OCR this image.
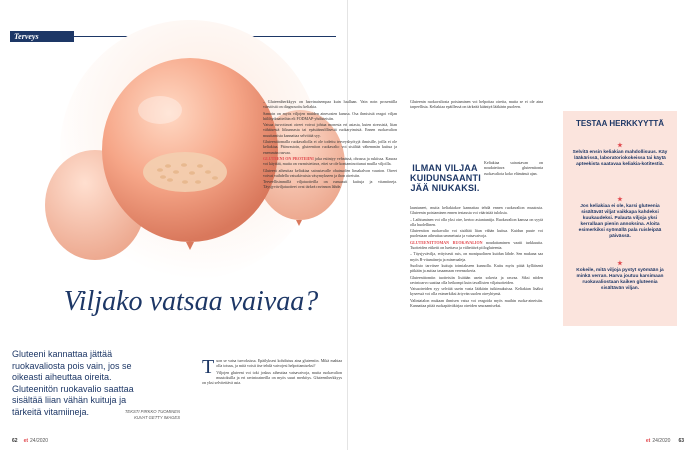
Terveys
Viljako vatsaa vaivaa?

Gluteeni kannattaa jättää ruokavaliosta pois vain, jos se oikeasti aiheuttaa oireita. Gluteenitön ruokavalio saattaa sisältää liian vähän kuituja ja tärkeitä vitamiineja.	TEKSTI PIRKKO TUOMINEN
KUVAT GETTY IMAGES
T uon se vatsa turvoksissa. Epäilyksesi kohdistuu aina gluteeniin. Mikä mahtaa olla totuus, ja mitä voisit itse tehdä vaivojesi helpottamiseksi?

Viljojen gluteeni voi toki joskus aiheuttaa vatsavaivoja, mutta ruokavalion muutoksilla ja eri ravintoaineilla on myös suuri merkitys. Gluteeniherkkyys on yksi selvitettävä asia.

– Gluteeniherkkyys on harvinaisempaa kuin luullaan. Vain noin prosentilla väestöstä on diagnosoitu keliakia.

Samoin on myös viljojen muiden ainesosien kanssa. Osa ihmisistä reagoi viljan hiilihydraatteihin eli FODMAP-yhdisteisiin.

Vatsaa turvottavat oireet voivat johtua monesta eri asiasta, kuten stressistä, liian vähäisestä liikunnasta tai epäsäännöllisestä ruokarytmistä. Ennen ruokavalion muuttamista kannattaa selvittää syy.

Gluteenittomalla ruokavaliolla ei ole todettu terveyshyötyjä ihmisille, joilla ei ole keliakiaa. Päinvastoin, gluteeniton ruokavalio voi sisältää vähemmän kuitua ja enemmän rasvaa.

GLUTEENI ON PROTEIINI joka esiintyy vehnässä, ohrassa ja rukiissa. Kauraa voi käyttää, mutta on varmistettava, ettei se ole kontaminoitunut muilla viljoilla.

Gluteeni aiheuttaa keliakiaa sairastavalle ohutsuolen limakalvon vaurion. Oireet voivat vaihdella vatsakivuista väsymykseen ja ihon oireisiin.

Terveellisimmillä viljatuotteilla on runsaasti kuituja ja vitamiineja. Täysjyväviljatuotteet ovat tärkeä ravinnon lähde.

ILMAN VILJAA KUIDUNSAANTI JÄÄ NIUKAKSI.

laantuneet, mutta keliakiakoe kannattaa tehdä ennen ruokavalion muutosta. Gluteenin poistaminen ennen testausta voi vääristää tuloksia.

– Laihtuminen voi olla yksi oire, kertoo asiantuntija. Ruokavalion kanssa on syytä olla huolellinen.

Gluteeniton ruokavalio voi sisältää liian vähän kuitua. Kuidun puute voi puolestaan aiheuttaa ummetusta ja vatsavaivoja.

GLUTEENITTOMAN RUOKAVALION noudattaminen vaatii tarkkuutta. Tuotteiden etiketit on luettava ja vältettävä piilogluteenia.

– Täysjyvävilja, erityisesti ruis, on monipuolinen kuidun lähde. Sen mukana saa myös B-vitamiineja ja mineraaleja.

Suolisto tarvitsee kuituja toimiakseen kunnolla. Kuitu myös pitää kylläisenä pitkään ja auttaa tasaamaan verensokeria.

Gluteenittomiin tuotteisiin lisätään usein sokeria ja rasvaa. Siksi niiden ravintoarvo saattaa olla heikompi kuin tavallisten viljatuotteiden.

Vatsaoireiden syy selviää usein vasta lääkärin tutkimuksissa. Keliakian lisäksi kyseessä voi olla esimerkiksi ärtyvän suolen oireyhtymä.

Valintatalon mukaan ihmisen vatsa voi reagoida myös muihin ruoka-aineisiin. Kannattaa pitää ruokapäiväkirjaa oireiden seuraamiseksi.

Gluteenin ruokavaliosta poistaminen voi helpottaa oireita, mutta se ei ole aina tarpeellista. Keliakiaa epäillessä on tärkeää kääntyä lääkärin puoleen.

Keliakiaa sairastavan on noudatettava gluteenitonta ruokavaliota koko elämänsä ajan.

TESTAA HERKKYYTTÄ

★
Selvitä ensin keliakian mahdollisuus. Käy lääkärissä, laboratoriokokeissa tai käytä apteekista saatavaa keliakia-kotitestiä.

★
Jos keliakiaa ei ole, karsi gluteenia sisältävät viljat vaikkapa kahdeksi kuukaudeksi. Palauta viljoja yksi kerrallaan pienin annoksina. Aloita esimerkiksi syömällä pala ruisleipää päivässä.

★
Kokeile, mitä viljoja pystyt syömään ja minkä verran. Harva joutuu karsimaan ruokavaliostaan kaiken gluteenia sisältävän viljan.

62 et 24/2020	et 24/2020 63
